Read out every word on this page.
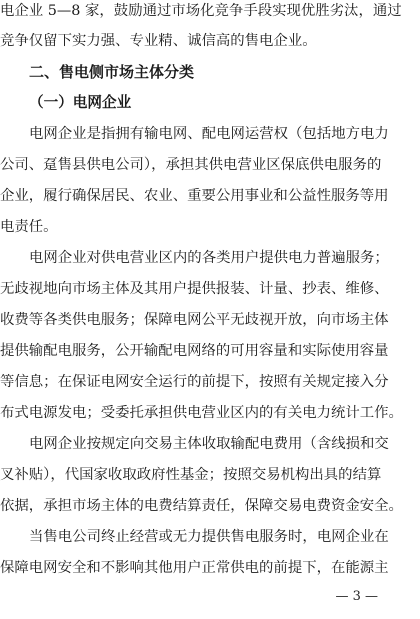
电企业 5—8 家，鼓励通过市场化竞争手段实现优胜劣汰，通过
竞争仅留下实力强、专业精、诚信高的售电企业。
二、售电侧市场主体分类
（一）电网企业
电网企业是指拥有输电网、配电网运营权（包括地方电力
公司、趸售县供电公司），承担其供电营业区保底供电服务的
企业，履行确保居民、农业、重要公用事业和公益性服务等用
电责任。
电网企业对供电营业区内的各类用户提供电力普遍服务；
无歧视地向市场主体及其用户提供报装、计量、抄表、维修、
收费等各类供电服务；保障电网公平无歧视开放，向市场主体
提供输配电服务，公开输配电网络的可用容量和实际使用容量
等信息；在保证电网安全运行的前提下，按照有关规定接入分
布式电源发电；受委托承担供电营业区内的有关电力统计工作。
电网企业按规定向交易主体收取输配电费用（含线损和交
叉补贴），代国家收取政府性基金；按照交易机构出具的结算
依据，承担市场主体的电费结算责任，保障交易电费资金安全。
当售电公司终止经营或无力提供售电服务时，电网企业在
保障电网安全和不影响其他用户正常供电的前提下，在能源主
— 3 —
